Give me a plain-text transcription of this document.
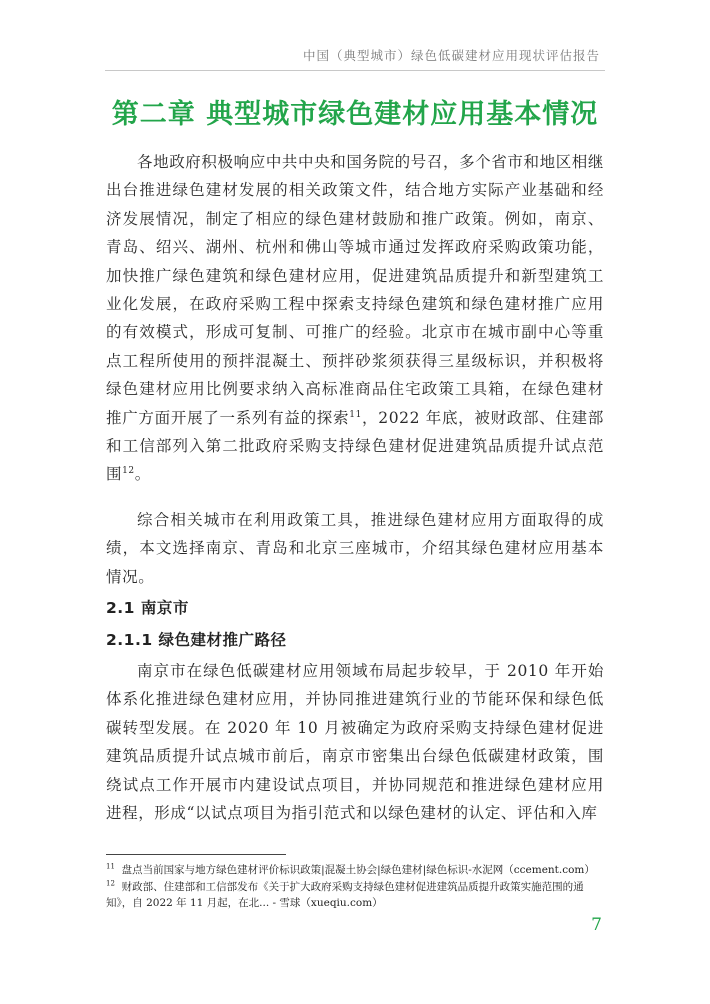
中国（典型城市）绿色低碳建材应用现状评估报告
第二章 典型城市绿色建材应用基本情况

各地政府积极响应中共中央和国务院的号召，多个省市和地区相继出台推进绿色建材发展的相关政策文件，结合地方实际产业基础和经济发展情况，制定了相应的绿色建材鼓励和推广政策。例如，南京、青岛、绍兴、湖州、杭州和佛山等城市通过发挥政府采购政策功能，加快推广绿色建筑和绿色建材应用，促进建筑品质提升和新型建筑工业化发展，在政府采购工程中探索支持绿色建筑和绿色建材推广应用的有效模式，形成可复制、可推广的经验。北京市在城市副中心等重点工程所使用的预拌混凝土、预拌砂浆须获得三星级标识，并积极将绿色建材应用比例要求纳入高标准商品住宅政策工具箱，在绿色建材推广方面开展了一系列有益的探索$^{11}$，2022 年底，被财政部、住建部和工信部列入第二批政府采购支持绿色建材促进建筑品质提升试点范围$^{12}$。

综合相关城市在利用政策工具，推进绿色建材应用方面取得的成绩，本文选择南京、青岛和北京三座城市，介绍其绿色建材应用基本情况。

2.1 南京市
2.1.1 绿色建材推广路径

南京市在绿色低碳建材应用领域布局起步较早，于 2010 年开始体系化推进绿色建材应用，并协同推进建筑行业的节能环保和绿色低碳转型发展。在 2020 年 10 月被确定为政府采购支持绿色建材促进建筑品质提升试点城市前后，南京市密集出台绿色低碳建材政策，围绕试点工作开展市内建设试点项目，并协同规范和推进绿色建材应用进程，形成“以试点项目为指引范式和以绿色建材的认定、评估和入库

$^{11}$ 盘点当前国家与地方绿色建材评价标识政策|混凝土协会|绿色建材|绿色标识-水泥网（ccement.com）
$^{12}$ 财政部、住建部和工信部发布《关于扩大政府采购支持绿色建材促进建筑品质提升政策实施范围的通知》，自 2022 年 11 月起，在北... - 雪球（xueqiu.com）
7
